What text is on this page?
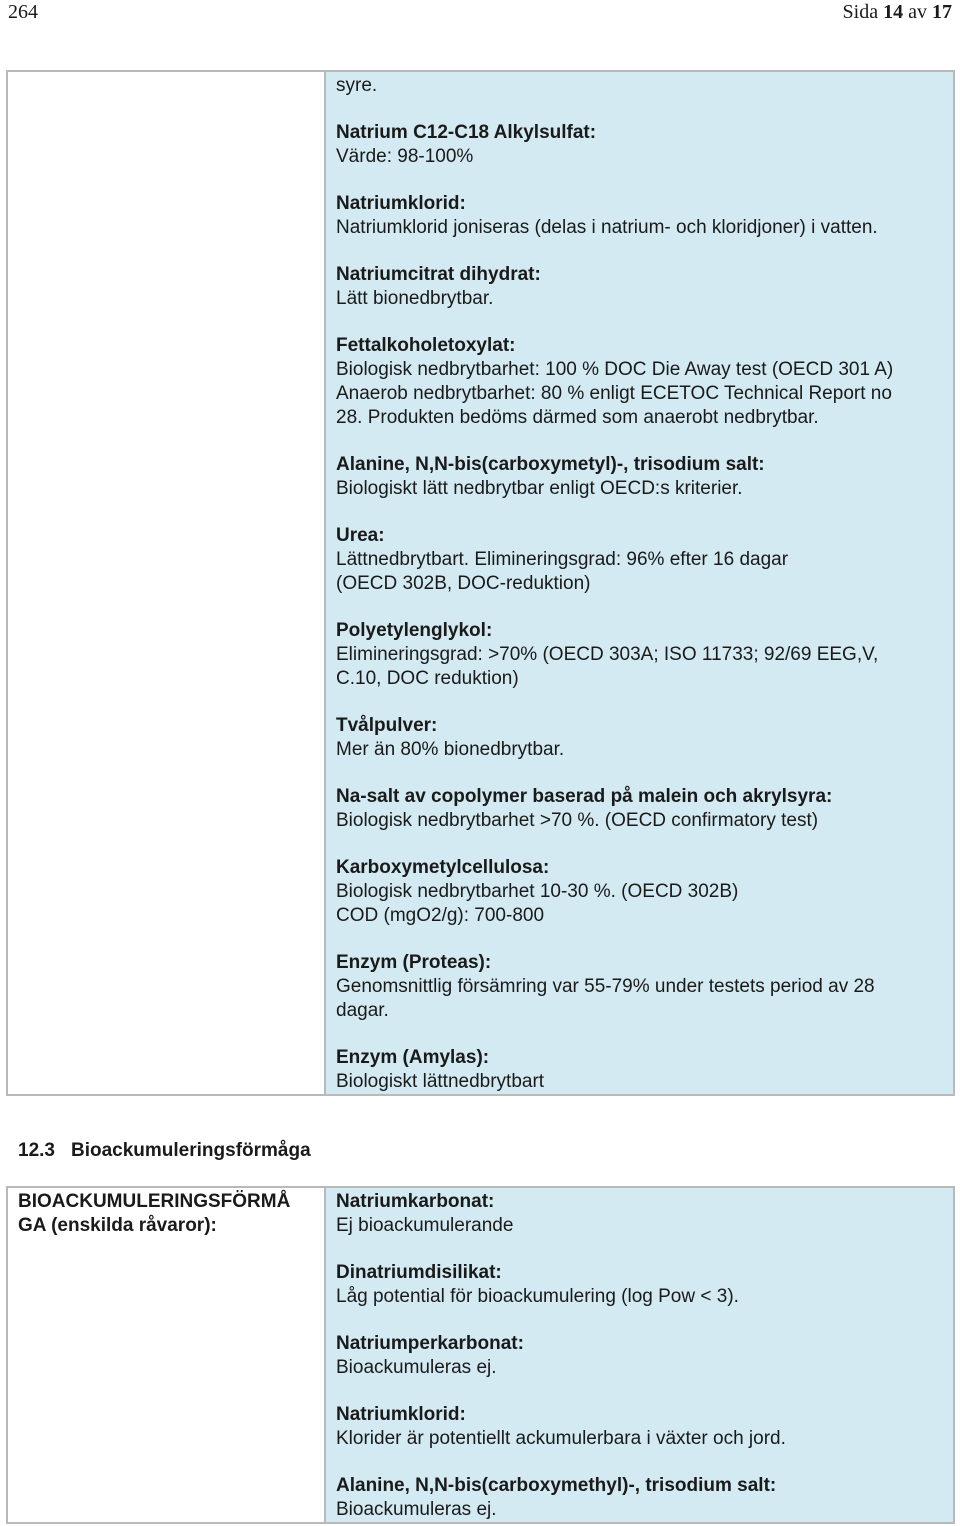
264	Sida 14 av 17

syre.

Natrium C12-C18 Alkylsulfat:

Värde: 98-100%

Natriumklorid:

Natriumklorid joniseras (delas i natrium- och kloridjoner) i vatten.

Natriumcitrat dihydrat:

Lätt bionedbrytbar.

Fettalkoholetoxylat:

Biologisk nedbrytbarhet: 100 % DOC Die Away test (OECD 301 A)

Anaerob nedbrytbarhet: 80 % enligt ECETOC Technical Report no

28. Produkten bedöms därmed som anaerobt nedbrytbar.

Alanine, N,N-bis(carboxymetyl)-, trisodium salt:

Biologiskt lätt nedbrytbar enligt OECD:s kriterier.

Urea:

Lättnedbrytbart. Elimineringsgrad: 96% efter 16 dagar

(OECD 302B, DOC-reduktion)

Polyetylenglykol:

Elimineringsgrad: >70% (OECD 303A; ISO 11733; 92/69 EEG,V,

C.10, DOC reduktion)

Tvålpulver:

Mer än 80% bionedbrytbar.

Na-salt av copolymer baserad på malein och akrylsyra:

Biologisk nedbrytbarhet >70 %. (OECD confirmatory test)

Karboxymetylcellulosa:

Biologisk nedbrytbarhet 10-30 %. (OECD 302B)

COD (mgO2/g): 700-800

Enzym (Proteas):

Genomsnittlig försämring var 55-79% under testets period av 28

dagar.

Enzym (Amylas):

Biologiskt lättnedbrytbart

12.3 Bioackumuleringsförmåga
BIOACKUMULERINGSFÖRMÅ
GA (enskilda råvaror):

Natriumkarbonat:

Ej bioackumulerande

Dinatriumdisilikat:

Låg potential för bioackumulering (log Pow < 3).

Natriumperkarbonat:

Bioackumuleras ej.

Natriumklorid:

Klorider är potentiellt ackumulerbara i växter och jord.

Alanine, N,N-bis(carboxymethyl)-, trisodium salt:

Bioackumuleras ej.
